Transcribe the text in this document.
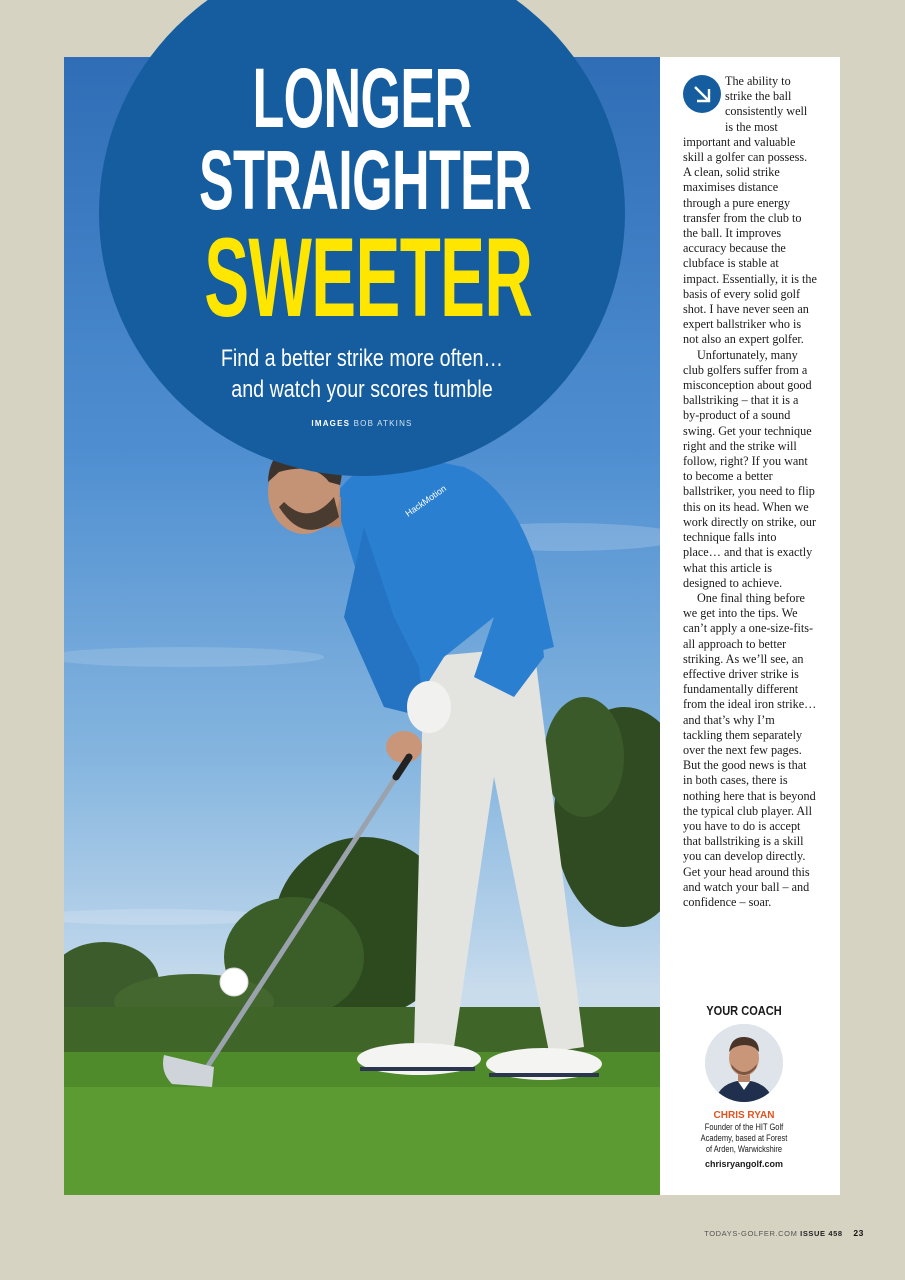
HackMotion
LONGER
STRAIGHTER
SWEETER
Find a better strike more often…
and watch your scores tumble
IMAGES BOB ATKINS

The ability to strike the ball consistently well is the most important and valuable skill a golfer can possess. A clean, solid strike maximises distance through a pure energy transfer from the club to the ball. It improves accuracy because the clubface is stable at impact. Essentially, it is the basis of every solid golf shot. I have never seen an expert ballstriker who is not also an expert golfer.

Unfortunately, many club golfers suffer from a misconception about good ballstriking – that it is a by-product of a sound swing. Get your technique right and the strike will follow, right? If you want to become a better ballstriker, you need to flip this on its head. When we work directly on strike, our technique falls into place… and that is exactly what this article is designed to achieve.

One final thing before we get into the tips. We can’t apply a one-size-fits-all approach to better striking. As we’ll see, an effective driver strike is fundamentally different from the ideal iron strike… and that’s why I’m tackling them separately over the next few pages. But the good news is that in both cases, there is nothing here that is beyond the typical club player. All you have to do is accept that ballstriking is a skill you can develop directly. Get your head around this and watch your ball – and confidence – soar.

YOUR COACH
CHRIS RYAN
Founder of the HIT Golf Academy, based at Forest of Arden, Warwickshire
chrisryangolf.com
TODAYS-GOLFER.COM ISSUE 458 23
